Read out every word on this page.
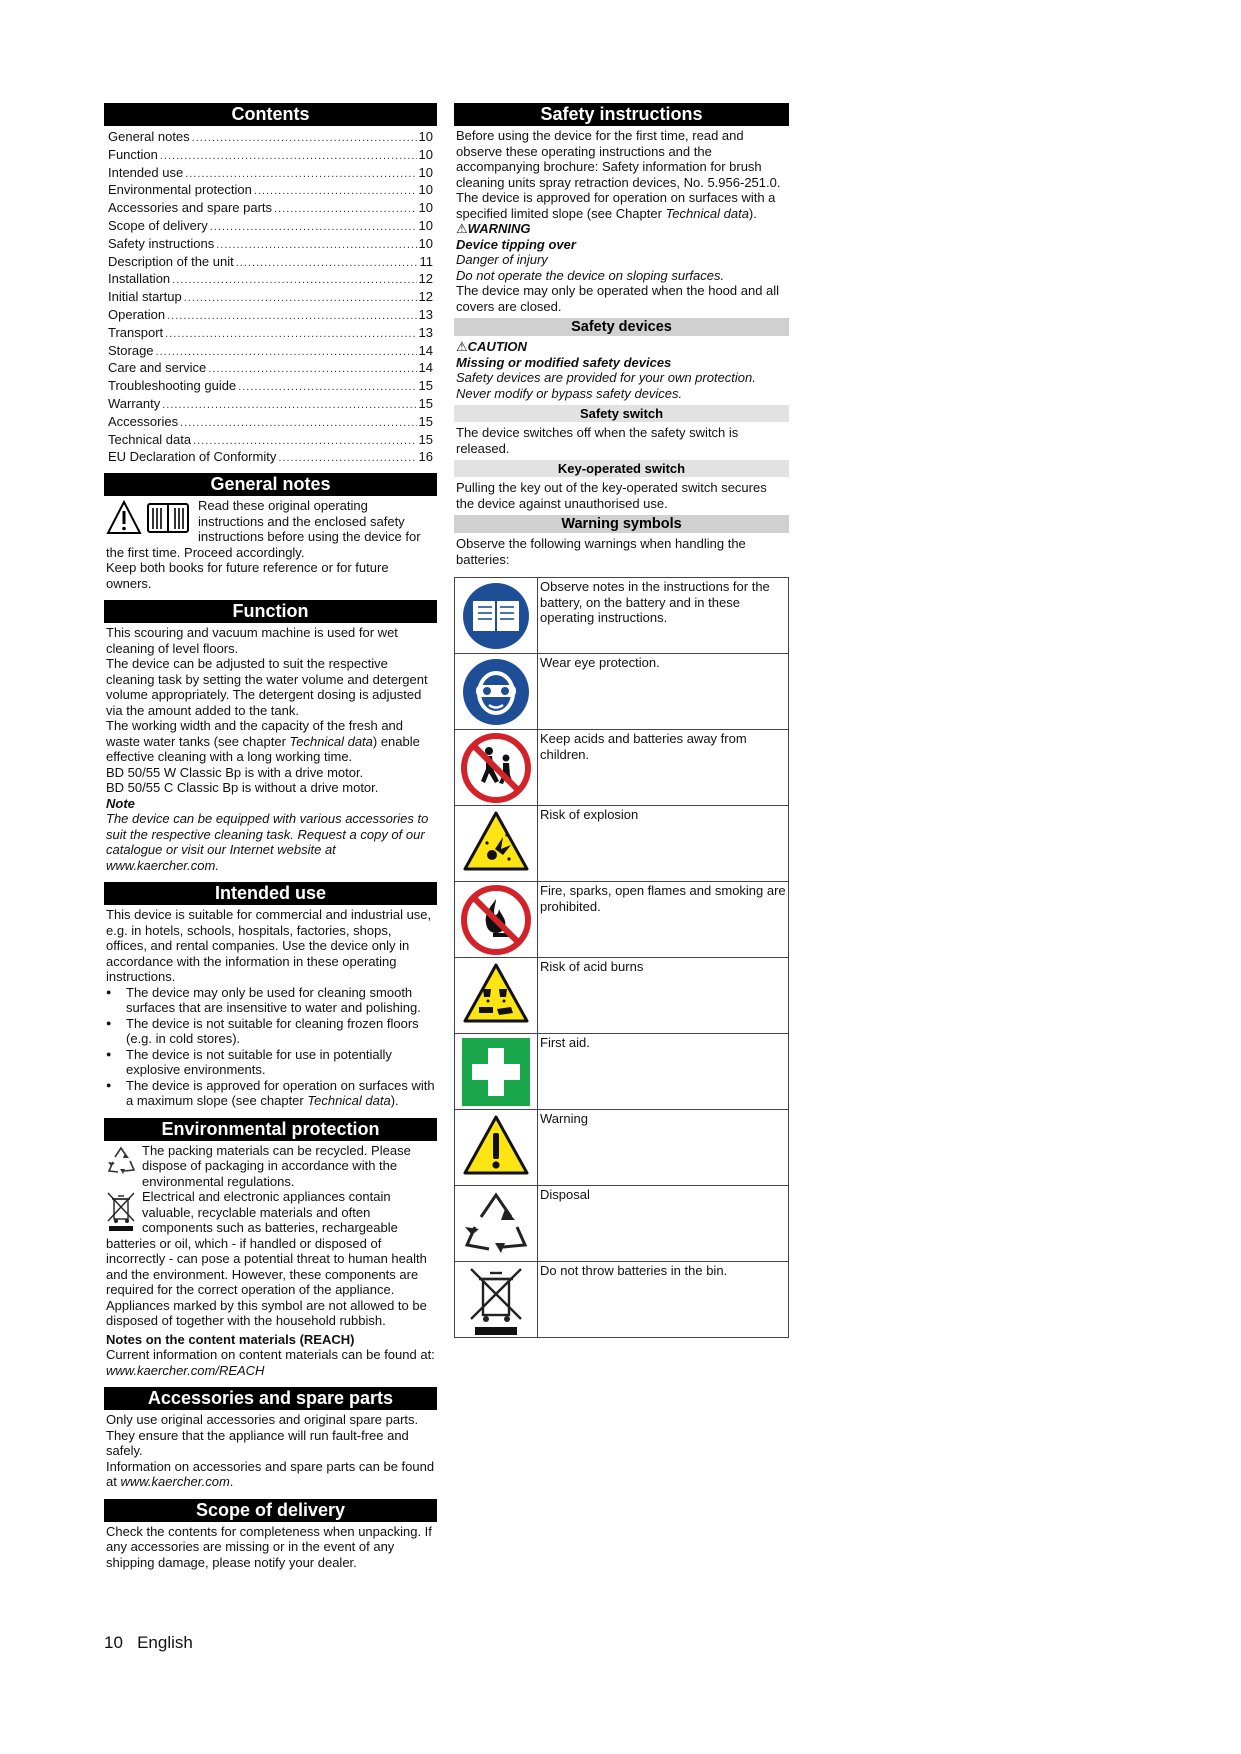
Contents
General notes .....	10
Function .....	10
Intended use .....	10
Environmental protection .....	10
Accessories and spare parts .....	10
Scope of delivery .....	10
Safety instructions .....	10
Description of the unit .....	11
Installation .....	12
Initial startup .....	12
Operation .....	13
Transport .....	13
Storage .....	14
Care and service .....	14
Troubleshooting guide .....	15
Warranty .....	15
Accessories .....	15
Technical data .....	15
EU Declaration of Conformity .....	16
General notes

Read these original operating instructions and the enclosed safety instructions before using the device for the first time. Proceed accordingly.

Keep both books for future reference or for future owners.

Function

This scouring and vacuum machine is used for wet cleaning of level floors.

The device can be adjusted to suit the respective cleaning task by setting the water volume and detergent volume appropriately. The detergent dosing is adjusted via the amount added to the tank.

The working width and the capacity of the fresh and waste water tanks (see chapter Technical data) enable effective cleaning with a long working time.

BD 50/55 W Classic Bp is with a drive motor.

BD 50/55 C Classic Bp is without a drive motor.

Note

The device can be equipped with various accessories to suit the respective cleaning task. Request a copy of our catalogue or visit our Internet website at www.kaercher.com.

Intended use

This device is suitable for commercial and industrial use, e.g. in hotels, schools, hospitals, factories, shops, offices, and rental companies. Use the device only in accordance with the information in these operating instructions.

● The device may only be used for cleaning smooth surfaces that are insensitive to water and polishing.
● The device is not suitable for cleaning frozen floors (e.g. in cold stores).
● The device is not suitable for use in potentially explosive environments.
● The device is approved for operation on surfaces with a maximum slope (see chapter Technical data).
Environmental protection

The packing materials can be recycled. Please dispose of packaging in accordance with the environmental regulations.

Electrical and electronic appliances contain valuable, recyclable materials and often components such as batteries, rechargeable batteries or oil, which - if handled or disposed of incorrectly - can pose a potential threat to human health and the environment. However, these components are required for the correct operation of the appliance. Appliances marked by this symbol are not allowed to be disposed of together with the household rubbish.

Notes on the content materials (REACH)

Current information on content materials can be found at: www.kaercher.com/REACH

Accessories and spare parts

Only use original accessories and original spare parts. They ensure that the appliance will run fault-free and safely.

Information on accessories and spare parts can be found at www.kaercher.com.

Scope of delivery

Check the contents for completeness when unpacking. If any accessories are missing or in the event of any shipping damage, please notify your dealer.

Safety instructions

Before using the device for the first time, read and observe these operating instructions and the accompanying brochure: Safety information for brush cleaning units spray retraction devices, No. 5.956-251.0.

The device is approved for operation on surfaces with a specified limited slope (see Chapter Technical data).

⚠WARNING

Device tipping over

Danger of injury

Do not operate the device on sloping surfaces.

The device may only be operated when the hood and all covers are closed.

Safety devices

⚠CAUTION

Missing or modified safety devices

Safety devices are provided for your own protection.

Never modify or bypass safety devices.

Safety switch

The device switches off when the safety switch is released.

Key-operated switch

Pulling the key out of the key-operated switch secures the device against unauthorised use.

Warning symbols

Observe the following warnings when handling the batteries:

	Observe notes in the instructions for the battery, on the battery and in these operating instructions.

	Wear eye protection.

	Keep acids and batteries away from children.

	Risk of explosion

	Fire, sparks, open flames and smoking are prohibited.

	Risk of acid burns

	First aid.

	Warning

	Disposal

	Do not throw batteries in the bin.
10 English
